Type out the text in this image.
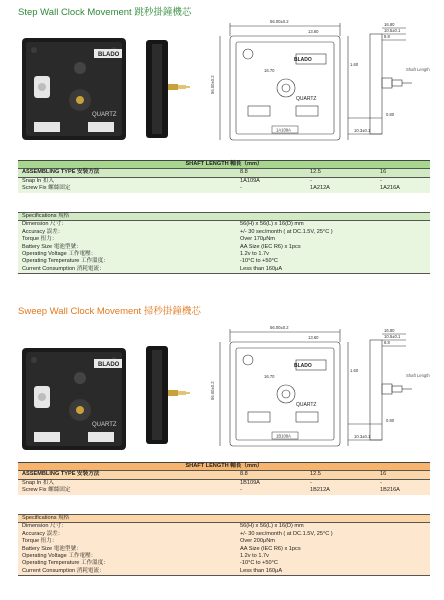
Step Wall Clock Movement 跳秒掛鐘機芯
BLADO
QUARTZ
56.00±0.2
13.60
16.80
10.5±0.1
8.8
Shaft Length
BLADO
QUARTZ
16.70
56.00±0.2
0.80
10.3±0.1
1.60
1A109A
SHAFT LENGTH 軸長（mm）			
ASSEMBLING TYPE 安裝方法	8.8	12.5	16
Snap In 扣入	1A109A	-	-
Screw Fix 螺絲固定	-	1A212A	1A216A
Specifications 規格	
Dimension 尺寸：	56(H) x 56(L) x 16(D) mm
Accuracy 誤差：	+/- 30 sec/month ( at DC.1.5V, 25°C )
Torque 扭力：	Over 170μNm
Battery Size 電池型號：	AA Size (IEC R6) x 1pcs
Operating Voltage 工作電壓：	1.2v to 1.7v
Operating Temperature 工作溫度：	-10°C to +50°C
Current Consumption 消耗電流：	Less than 160μA
Sweep Wall Clock Movement 掃秒掛鐘機芯
BLADO
QUARTZ
56.00±0.2
13.60
16.80
10.5±0.1
8.8
Shaft Length
BLADO
QUARTZ
16.70
56.00±0.2
0.80
10.3±0.1
1.60
1B109A
SHAFT LENGTH 軸長（mm）			
ASSEMBLING TYPE 安裝方法	8.8	12.5	16
Snap In 扣入	1B109A	-	-
Screw Fix 螺絲固定	-	1B212A	1B216A
Specifications 規格	
Dimension 尺寸：	56(H) x 56(L) x 16(D) mm
Accuracy 誤差：	+/- 30 sec/month ( at DC.1.5V, 25°C )
Torque 扭力：	Over 200μNm
Battery Size 電池型號：	AA Size (IEC R6) x 1pcs
Operating Voltage 工作電壓：	1.2v to 1.7v
Operating Temperature 工作溫度：	-10°C to +50°C
Current Consumption 消耗電流：	Less than 160μA
